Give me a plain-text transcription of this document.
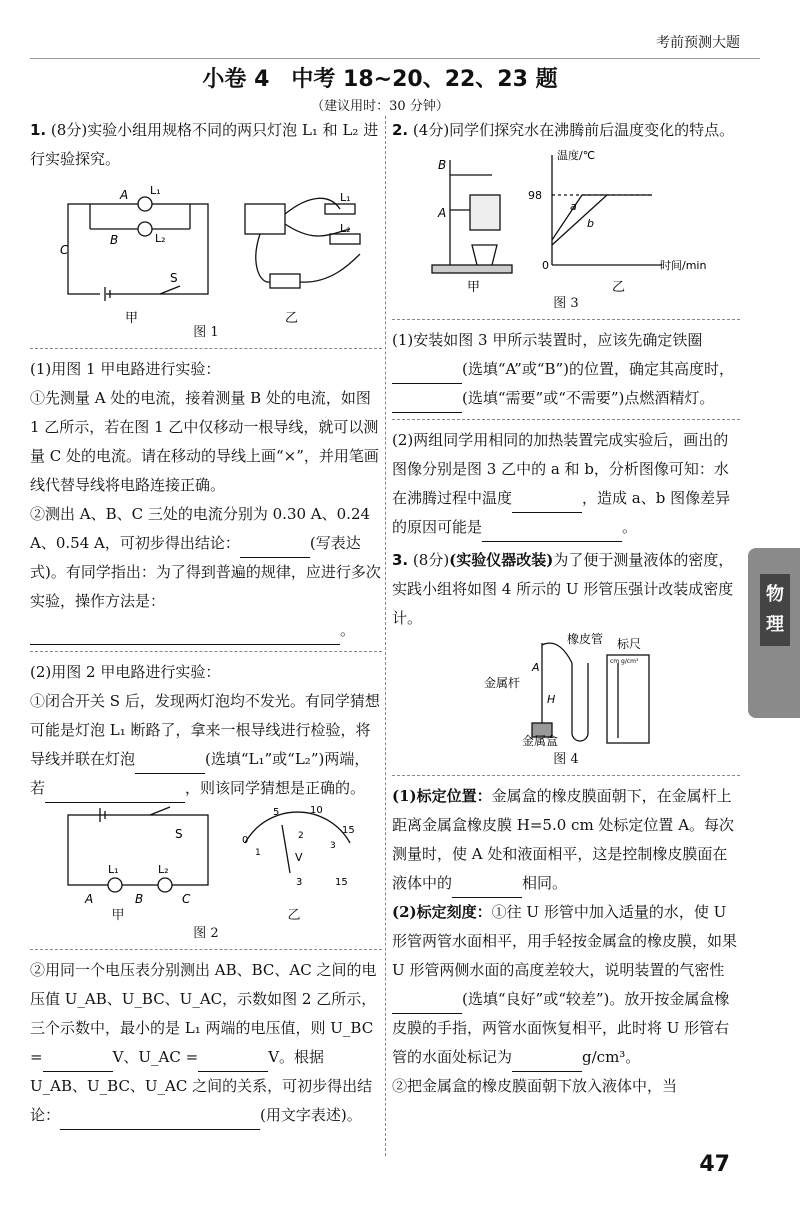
考前预测大题
小卷 4　中考 18~20、22、23 题
（建议用时：30 分钟）
1. (8分)实验小组用规格不同的两只灯泡 L₁ 和 L₂ 进行实验探究。
A
B
C
L₁
L₂
S
L₁
L₂
甲	乙
图 1
(1)用图 1 甲电路进行实验：
①先测量 A 处的电流，接着测量 B 处的电流，如图 1 乙所示，若在图 1 乙中仅移动一根导线，就可以测量 C 处的电流。请在移动的导线上画“×”，并用笔画线代替导线将电路连接正确。
②测出 A、B、C 三处的电流分别为 0.30 A、0.24 A、0.54 A，可初步得出结论：	(写表达式)。有同学指出：为了得到普遍的规律，应进行多次实验，操作方法是：。
(2)用图 2 甲电路进行实验：
①闭合开关 S 后，发现两灯泡均不发光。有同学猜想可能是灯泡 L₁ 断路了，拿来一根导线进行检验，将导线并联在灯泡	(选填“L₁”或“L₂”)两端，若	，则该同学猜想是正确的。
S
L₁	L₂
A	B	C
0
5	10
15
V
3	15
1
2
3
甲	乙
图 2
②用同一个电压表分别测出 AB、BC、AC 之间的电压值 U_AB、U_BC、U_AC，示数如图 2 乙所示，三个示数中，最小的是 L₁ 两端的电压值，则 U_BC =	V、U_AC =	V。根据 U_AB、U_BC、U_AC 之间的关系，可初步得出结论：	(用文字表述)。
2. (4分)同学们探究水在沸腾前后温度变化的特点。
B
A
温度/℃
98
0	时间/min
a
b
甲	乙
图 3
(1)安装如图 3 甲所示装置时，应该先确定铁圈(选填“A”或“B”)的位置，确定其高度时，(选填“需要”或“不需要”)点燃酒精灯。
(2)两组同学用相同的加热装置完成实验后，画出的图像分别是图 3 乙中的 a 和 b，分析图像可知：水在沸腾过程中温度	，造成 a、b 图像差异的原因可能是	。
3. (8分)(实验仪器改装)为了便于测量液体的密度，实践小组将如图 4 所示的 U 形管压强计改装成密度计。
橡皮管 标尺
金属杆
金属盒
A
H
cm g/cm³
图 4
(1)标定位置：金属盒的橡皮膜面朝下，在金属杆上距离金属盒橡皮膜 H=5.0 cm 处标定位置 A。每次测量时，使 A 处和液面相平，这是控制橡皮膜面在液体中的	相同。
(2)标定刻度：①往 U 形管中加入适量的水，使 U 形管两管水面相平，用手轻按金属盒的橡皮膜，如果 U 形管两侧水面的高度差较大，说明装置的气密性(选填“良好”或“较差”)。放开按金属盒橡皮膜的手指，两管水面恢复相平，此时将 U 形管右管的水面处标记为	g/cm³。
②把金属盒的橡皮膜面朝下放入液体中，当
物理
47
